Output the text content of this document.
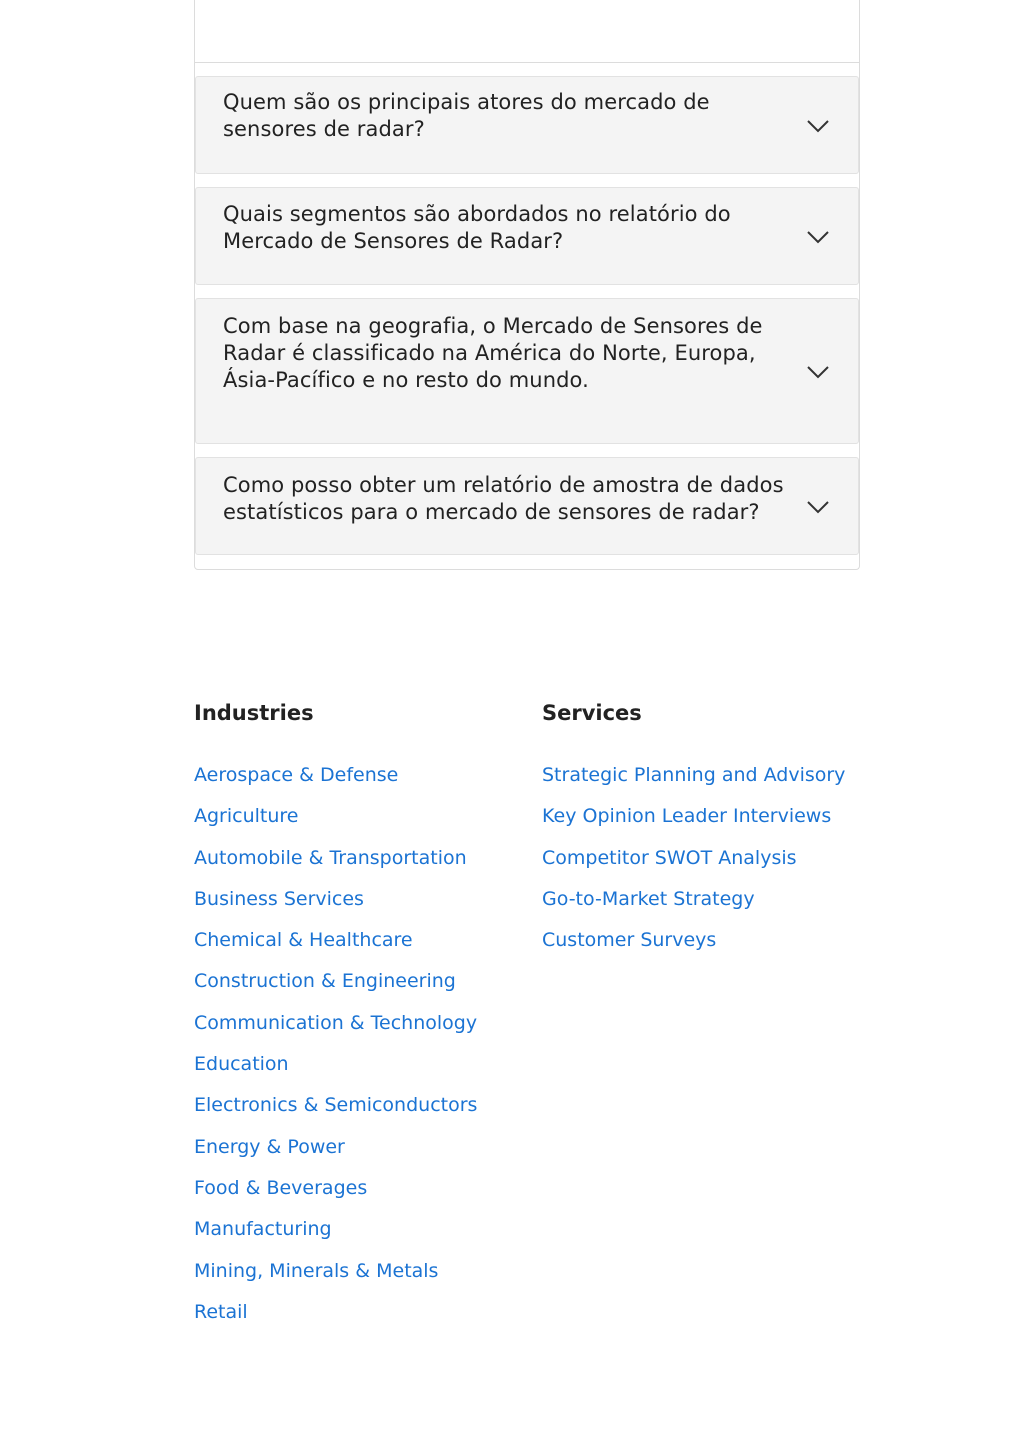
Quem são os principais atores do mercado de sensores de radar?
Quais segmentos são abordados no relatório do Mercado de Sensores de Radar?
Com base na geografia, o Mercado de Sensores de Radar é classificado na América do Norte, Europa, Ásia-Pacífico e no resto do mundo.
Como posso obter um relatório de amostra de dados estatísticos para o mercado de sensores de radar?
Industries
Aerospace & Defense
Agriculture
Automobile & Transportation
Business Services
Chemical & Healthcare
Construction & Engineering
Communication & Technology
Education
Electronics & Semiconductors
Energy & Power
Food & Beverages
Manufacturing
Mining, Minerals & Metals
Retail
Services
Strategic Planning and Advisory
Key Opinion Leader Interviews
Competitor SWOT Analysis
Go-to-Market Strategy
Customer Surveys
